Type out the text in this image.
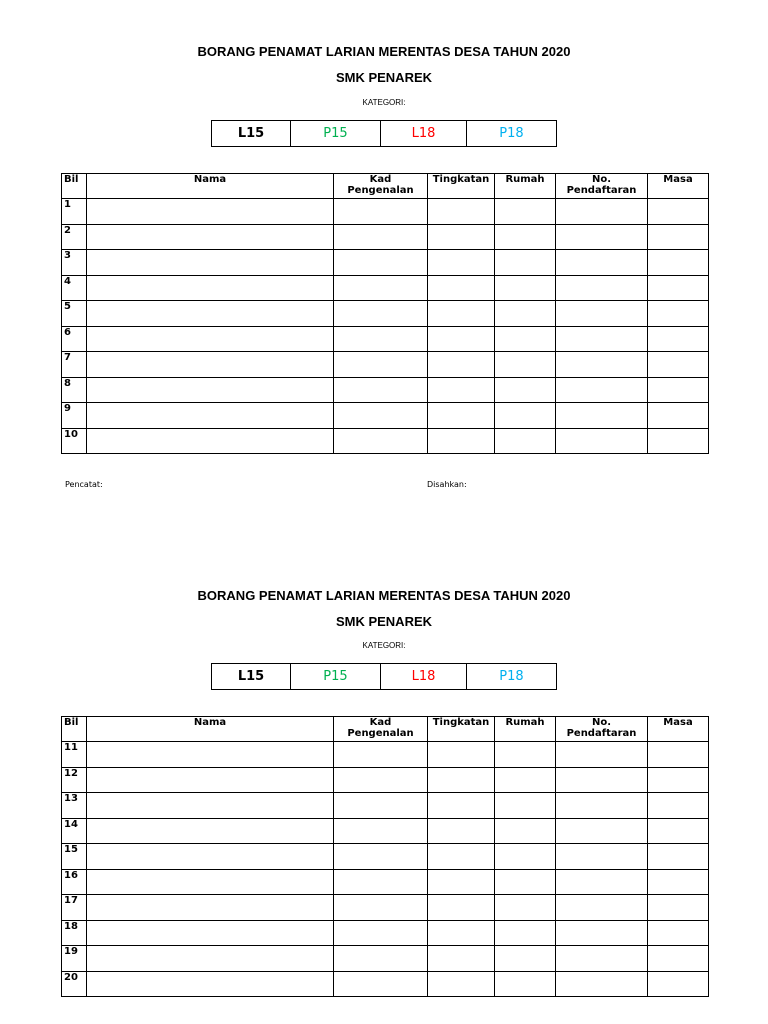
BORANG PENAMAT LARIAN MERENTAS DESA TAHUN 2020
SMK PENAREK
KATEGORI:
L15	P15	L18	P18
Bil	Nama	Kad Pengenalan	Tingkatan	Rumah	No. Pendaftaran	Masa
1						
2						
3						
4						
5						
6						
7						
8						
9						
10						
Pencatat:	Disahkan:
BORANG PENAMAT LARIAN MERENTAS DESA TAHUN 2020
SMK PENAREK
KATEGORI:
L15	P15	L18	P18
Bil	Nama	Kad Pengenalan	Tingkatan	Rumah	No. Pendaftaran	Masa
11						
12						
13						
14						
15						
16						
17						
18						
19						
20						
